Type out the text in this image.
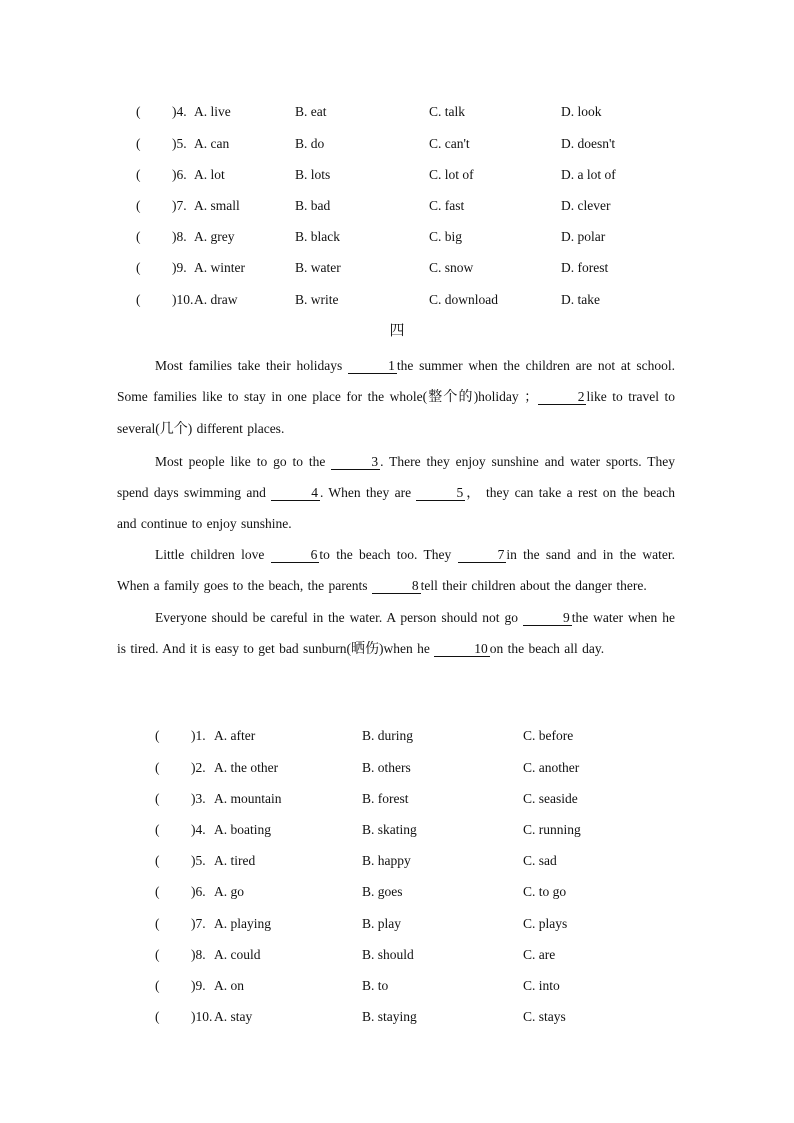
( )4. A. live	B. eat	C. talk	D. look
( )5. A. can	B. do	C. can't	D. doesn't
( )6. A. lot	B. lots	C. lot of	D. a lot of
( )7. A. small	B. bad	C. fast	D. clever
( )8. A. grey	B. black	C. big	D. polar
( )9. A. winter	B. water	C. snow	D. forest
( )10. A. draw	B. write	C. download	D. take
四

Most families take their holidays	1 the summer when the children are not at school. Some families like to stay in one place for the whole(整个的)holiday ；	2 like to travel to several(几个) different places.

Most people like to go to the	3 . There they enjoy sunshine and water sports. They spend days swimming and	4 . When they are	5 ， they can take a rest on the beach and continue to enjoy sunshine.

Little children love	6 to the beach too. They	7 in the sand and in the water. When a family goes to the beach, the parents	8 tell their children about the danger there.

Everyone should be careful in the water. A person should not go	9 the water when he is tired. And it is easy to get bad sunburn(晒伤)when he	10 on the beach all day.

( )1. A. after	B. during	C. before
( )2. A. the other	B. others	C. another
( )3. A. mountain	B. forest	C. seaside
( )4. A. boating	B. skating	C. running
( )5. A. tired	B. happy	C. sad
( )6. A. go	B. goes	C. to go
( )7. A. playing	B. play	C. plays
( )8. A. could	B. should	C. are
( )9. A. on	B. to	C. into
( )10. A. stay	B. staying	C. stays
